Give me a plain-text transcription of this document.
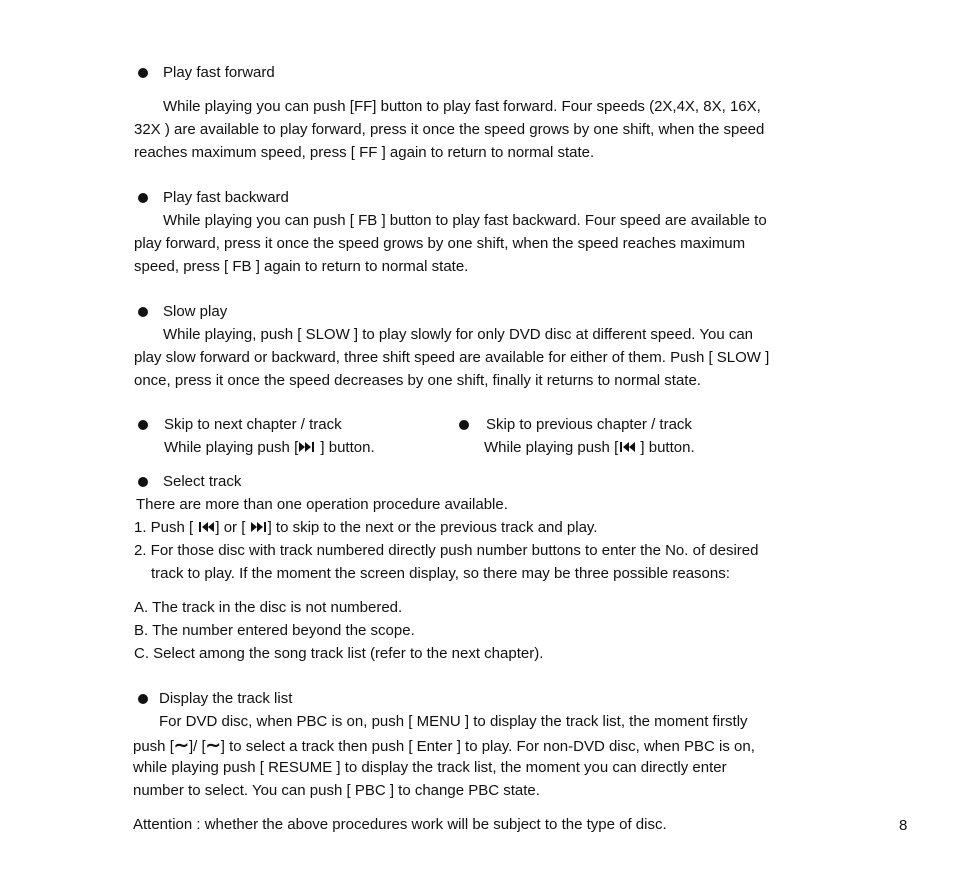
Play fast forward
While playing you can push [FF] button to play fast forward. Four speeds (2X,4X, 8X, 16X,
32X ) are available to play forward, press it once the speed grows by one shift, when the speed
reaches maximum speed, press [ FF ] again to return to normal state.
Play fast backward
While playing you can push [ FB ] button to play fast backward. Four speed are available to
play forward, press it once the speed grows by one shift, when the speed reaches maximum
speed, press [ FB ] again to return to normal state.
Slow play
While playing, push [ SLOW ] to play slowly for only DVD disc at different speed. You can
play slow forward or backward, three shift speed are available for either of them. Push [ SLOW ]
once, press it once the speed decreases by one shift, finally it returns to normal state.
Skip to next chapter / track
While playing push [ ] button.
Skip to previous chapter / track
While playing push [ ] button.
Select track
There are more than one operation procedure available.
1. Push [ ] or [ ] to skip to the next or the previous track and play.
2. For those disc with track numbered directly push number buttons to enter the No. of desired
track to play. If the moment the screen display, so there may be three possible reasons:
A. The track in the disc is not numbered.
B. The number entered beyond the scope.
C. Select among the song track list (refer to the next chapter).
Display the track list
For DVD disc, when PBC is on, push [ MENU ] to display the track list, the moment firstly
push [∼]/ [∼] to select a track then push [ Enter ] to play. For non-DVD disc, when PBC is on,
while playing push [ RESUME ] to display the track list, the moment you can directly enter
number to select. You can push [ PBC ] to change PBC state.
Attention : whether the above procedures work will be subject to the type of disc.	8
